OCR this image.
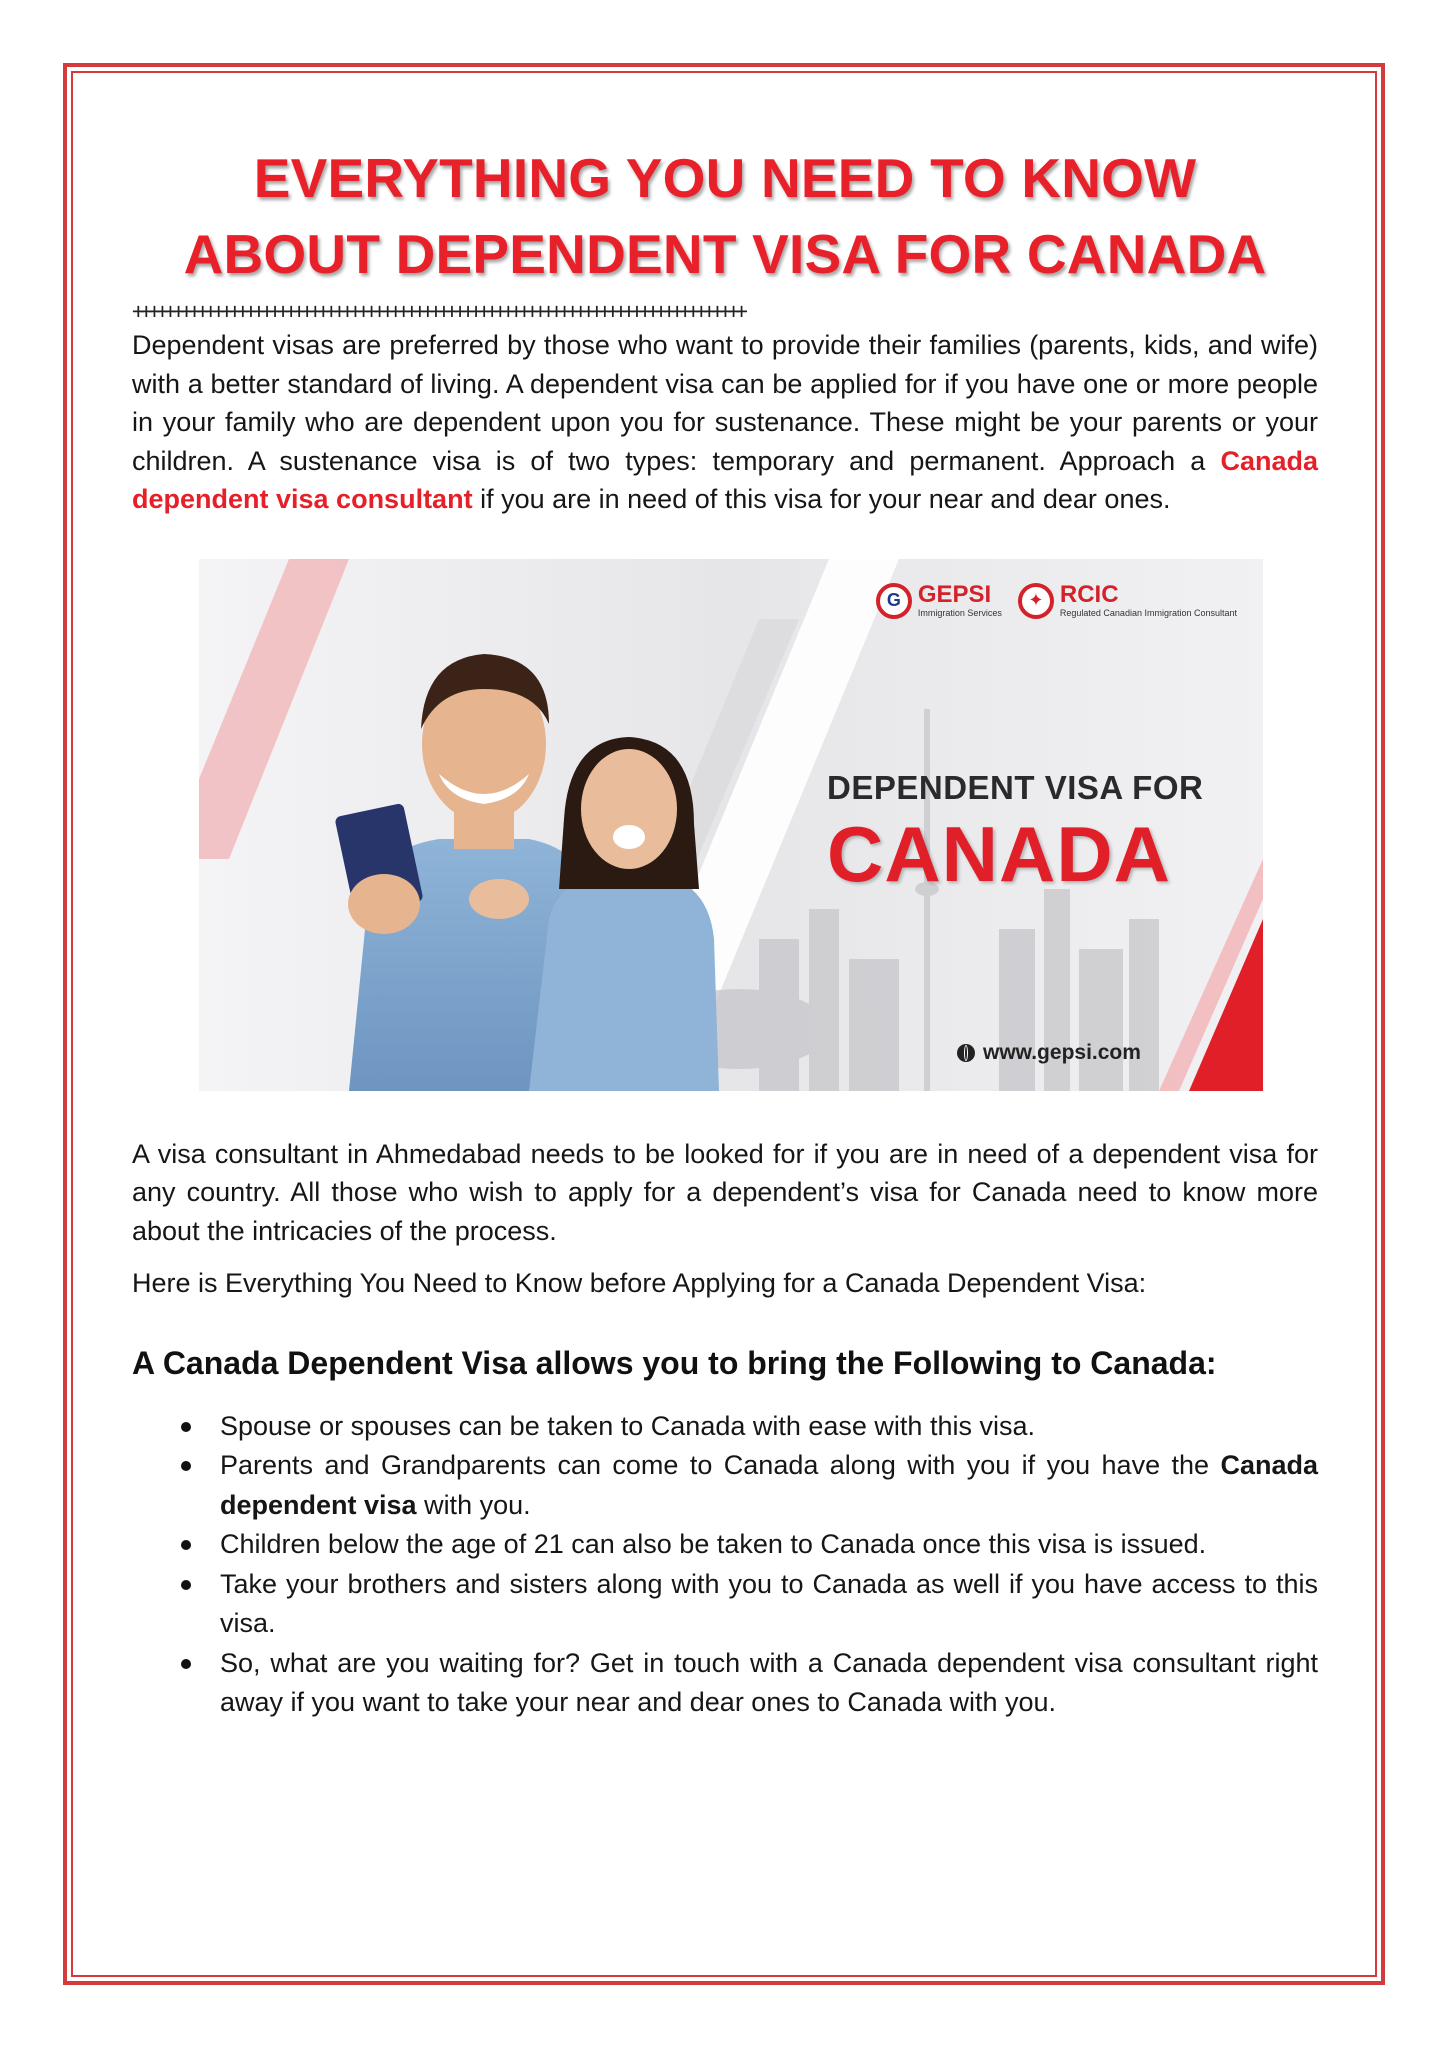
EVERYTHING YOU NEED TO KNOW
ABOUT DEPENDENT VISA FOR CANADA
++++++++++++++++++++++++++++++++++++++++++++++++++++++++++++++++++++++++++++

Dependent visas are preferred by those who want to provide their families (parents, kids, and wife) with a better standard of living. A dependent visa can be applied for if you have one or more people in your family who are dependent upon you for sustenance. These might be your parents or your children. A sustenance visa is of two types: temporary and permanent. Approach a Canada dependent visa consultant if you are in need of this visa for your near and dear ones.

G GEPSI
Immigration Services
✦ RCIC
Regulated Canadian Immigration Consultant
DEPENDENT VISA FOR
CANADA
www.gepsi.com

A visa consultant in Ahmedabad needs to be looked for if you are in need of a dependent visa for any country. All those who wish to apply for a dependent’s visa for Canada need to know more about the intricacies of the process.

Here is Everything You Need to Know before Applying for a Canada Dependent Visa:

A Canada Dependent Visa allows you to bring the Following to Canada:
Spouse or spouses can be taken to Canada with ease with this visa.
Parents and Grandparents can come to Canada along with you if you have the Canada dependent visa with you.
Children below the age of 21 can also be taken to Canada once this visa is issued.
Take your brothers and sisters along with you to Canada as well if you have access to this visa.
So, what are you waiting for? Get in touch with a Canada dependent visa consultant right away if you want to take your near and dear ones to Canada with you.
